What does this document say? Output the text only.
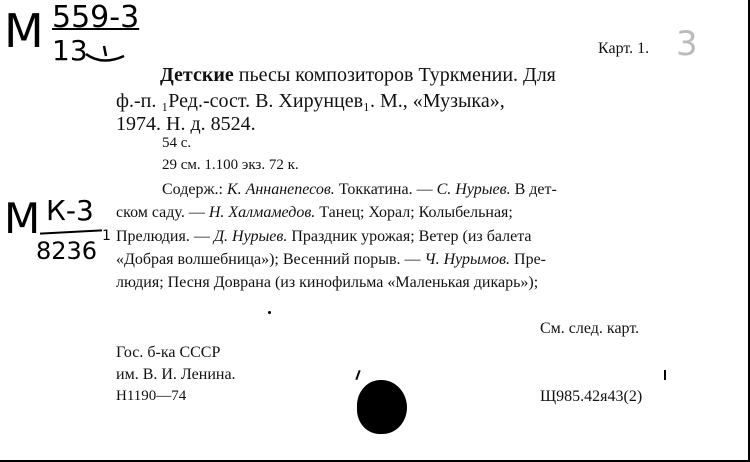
М 559-3
13
М К-3
8236
1
3
Карт. 1.
Детские пьесы композиторов Туркмении. Для
ф.-п. ₁Ред.-сост. В. Хирунцев₁. М., «Музыка»,
1974. Н. д. 8524.
54 с.
29 см. 1.100 экз. 72 к.
Содерж.: К. Аннанепесов. Токкатина. — С. Нурыев. В дет-
ском саду. — Н. Халмамедов. Танец; Хорал; Колыбельная;
Прелюдия. — Д. Нурыев. Праздник урожая; Ветер (из балета
«Добрая волшебница»); Весенний порыв. — Ч. Нурымов. Пре-
людия; Песня Доврана (из кинофильма «Маленькая дикарь»);
См. след. карт.
Гос. б-ка СССР
им. В. И. Ленина.
Н1190—74	Щ985.42я43(2)
